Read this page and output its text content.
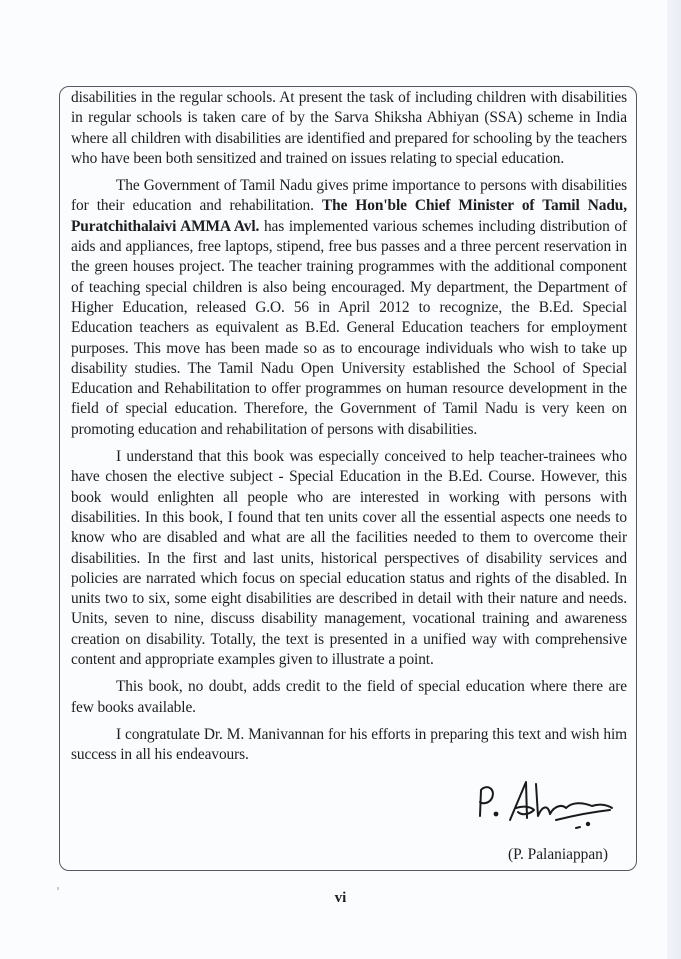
disabilities in the regular schools. At present the task of including children with disabilities in regular schools is taken care of by the Sarva Shiksha Abhiyan (SSA) scheme in India where all children with disabilities are identified and prepared for schooling by the teachers who have been both sensitized and trained on issues relating to special education.

The Government of Tamil Nadu gives prime importance to persons with disabilities for their education and rehabilitation. The Hon'ble Chief Minister of Tamil Nadu, Puratchithalaivi AMMA Avl. has implemented various schemes including distribution of aids and appliances, free laptops, stipend, free bus passes and a three percent reservation in the green houses project. The teacher training programmes with the additional component of teaching special children is also being encouraged. My department, the Department of Higher Education, released G.O. 56 in April 2012 to recognize, the B.Ed. Special Education teachers as equivalent as B.Ed. General Education teachers for employment purposes. This move has been made so as to encourage individuals who wish to take up disability studies. The Tamil Nadu Open University established the School of Special Education and Rehabilitation to offer programmes on human resource development in the field of special education. Therefore, the Government of Tamil Nadu is very keen on promoting education and rehabilitation of persons with disabilities.

I understand that this book was especially conceived to help teacher-trainees who have chosen the elective subject - Special Education in the B.Ed. Course. However, this book would enlighten all people who are interested in working with persons with disabilities. In this book, I found that ten units cover all the essential aspects one needs to know who are disabled and what are all the facilities needed to them to overcome their disabilities. In the first and last units, historical perspectives of disability services and policies are narrated which focus on special education status and rights of the disabled. In units two to six, some eight disabilities are described in detail with their nature and needs. Units, seven to nine, discuss disability management, vocational training and awareness creation on disability. Totally, the text is presented in a unified way with comprehensive content and appropriate examples given to illustrate a point.

This book, no doubt, adds credit to the field of special education where there are few books available.

I congratulate Dr. M. Manivannan for his efforts in preparing this text and wish him success in all his endeavours.

(P. Palaniappan)
vi
